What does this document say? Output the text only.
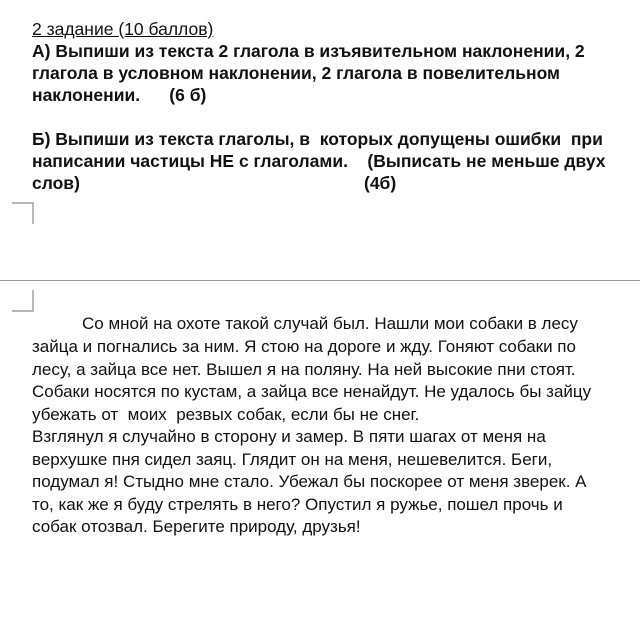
2 задание (10 баллов)
А) Выпиши из текста 2 глагола в изъявительном наклонении, 2
глагола в условном наклонении, 2 глагола в повелительном
наклонении.      (6 б)
Б) Выпиши из текста глаголы, в  которых допущены ошибки  при
написании частицы НЕ с глаголами.    (Выписать не меньше двух
слов)	(4б)
Со мной на охоте такой случай был. Нашли мои собаки в лесу
зайца и погнались за ним. Я стою на дороге и жду. Гоняют собаки по
лесу, а зайца все нет. Вышел я на поляну. На ней высокие пни стоят.
Собаки носятся по кустам, а зайца все ненайдут. Не удалось бы зайцу
убежать от  моих  резвых собак, если бы не снег.
Взглянул я случайно в сторону и замер. В пяти шагах от меня на
верхушке пня сидел заяц. Глядит он на меня, нешевелится. Беги,
подумал я! Стыдно мне стало. Убежал бы поскорее от меня зверек. А
то, как же я буду стрелять в него? Опустил я ружье, пошел прочь и
собак отозвал. Берегите природу, друзья!
